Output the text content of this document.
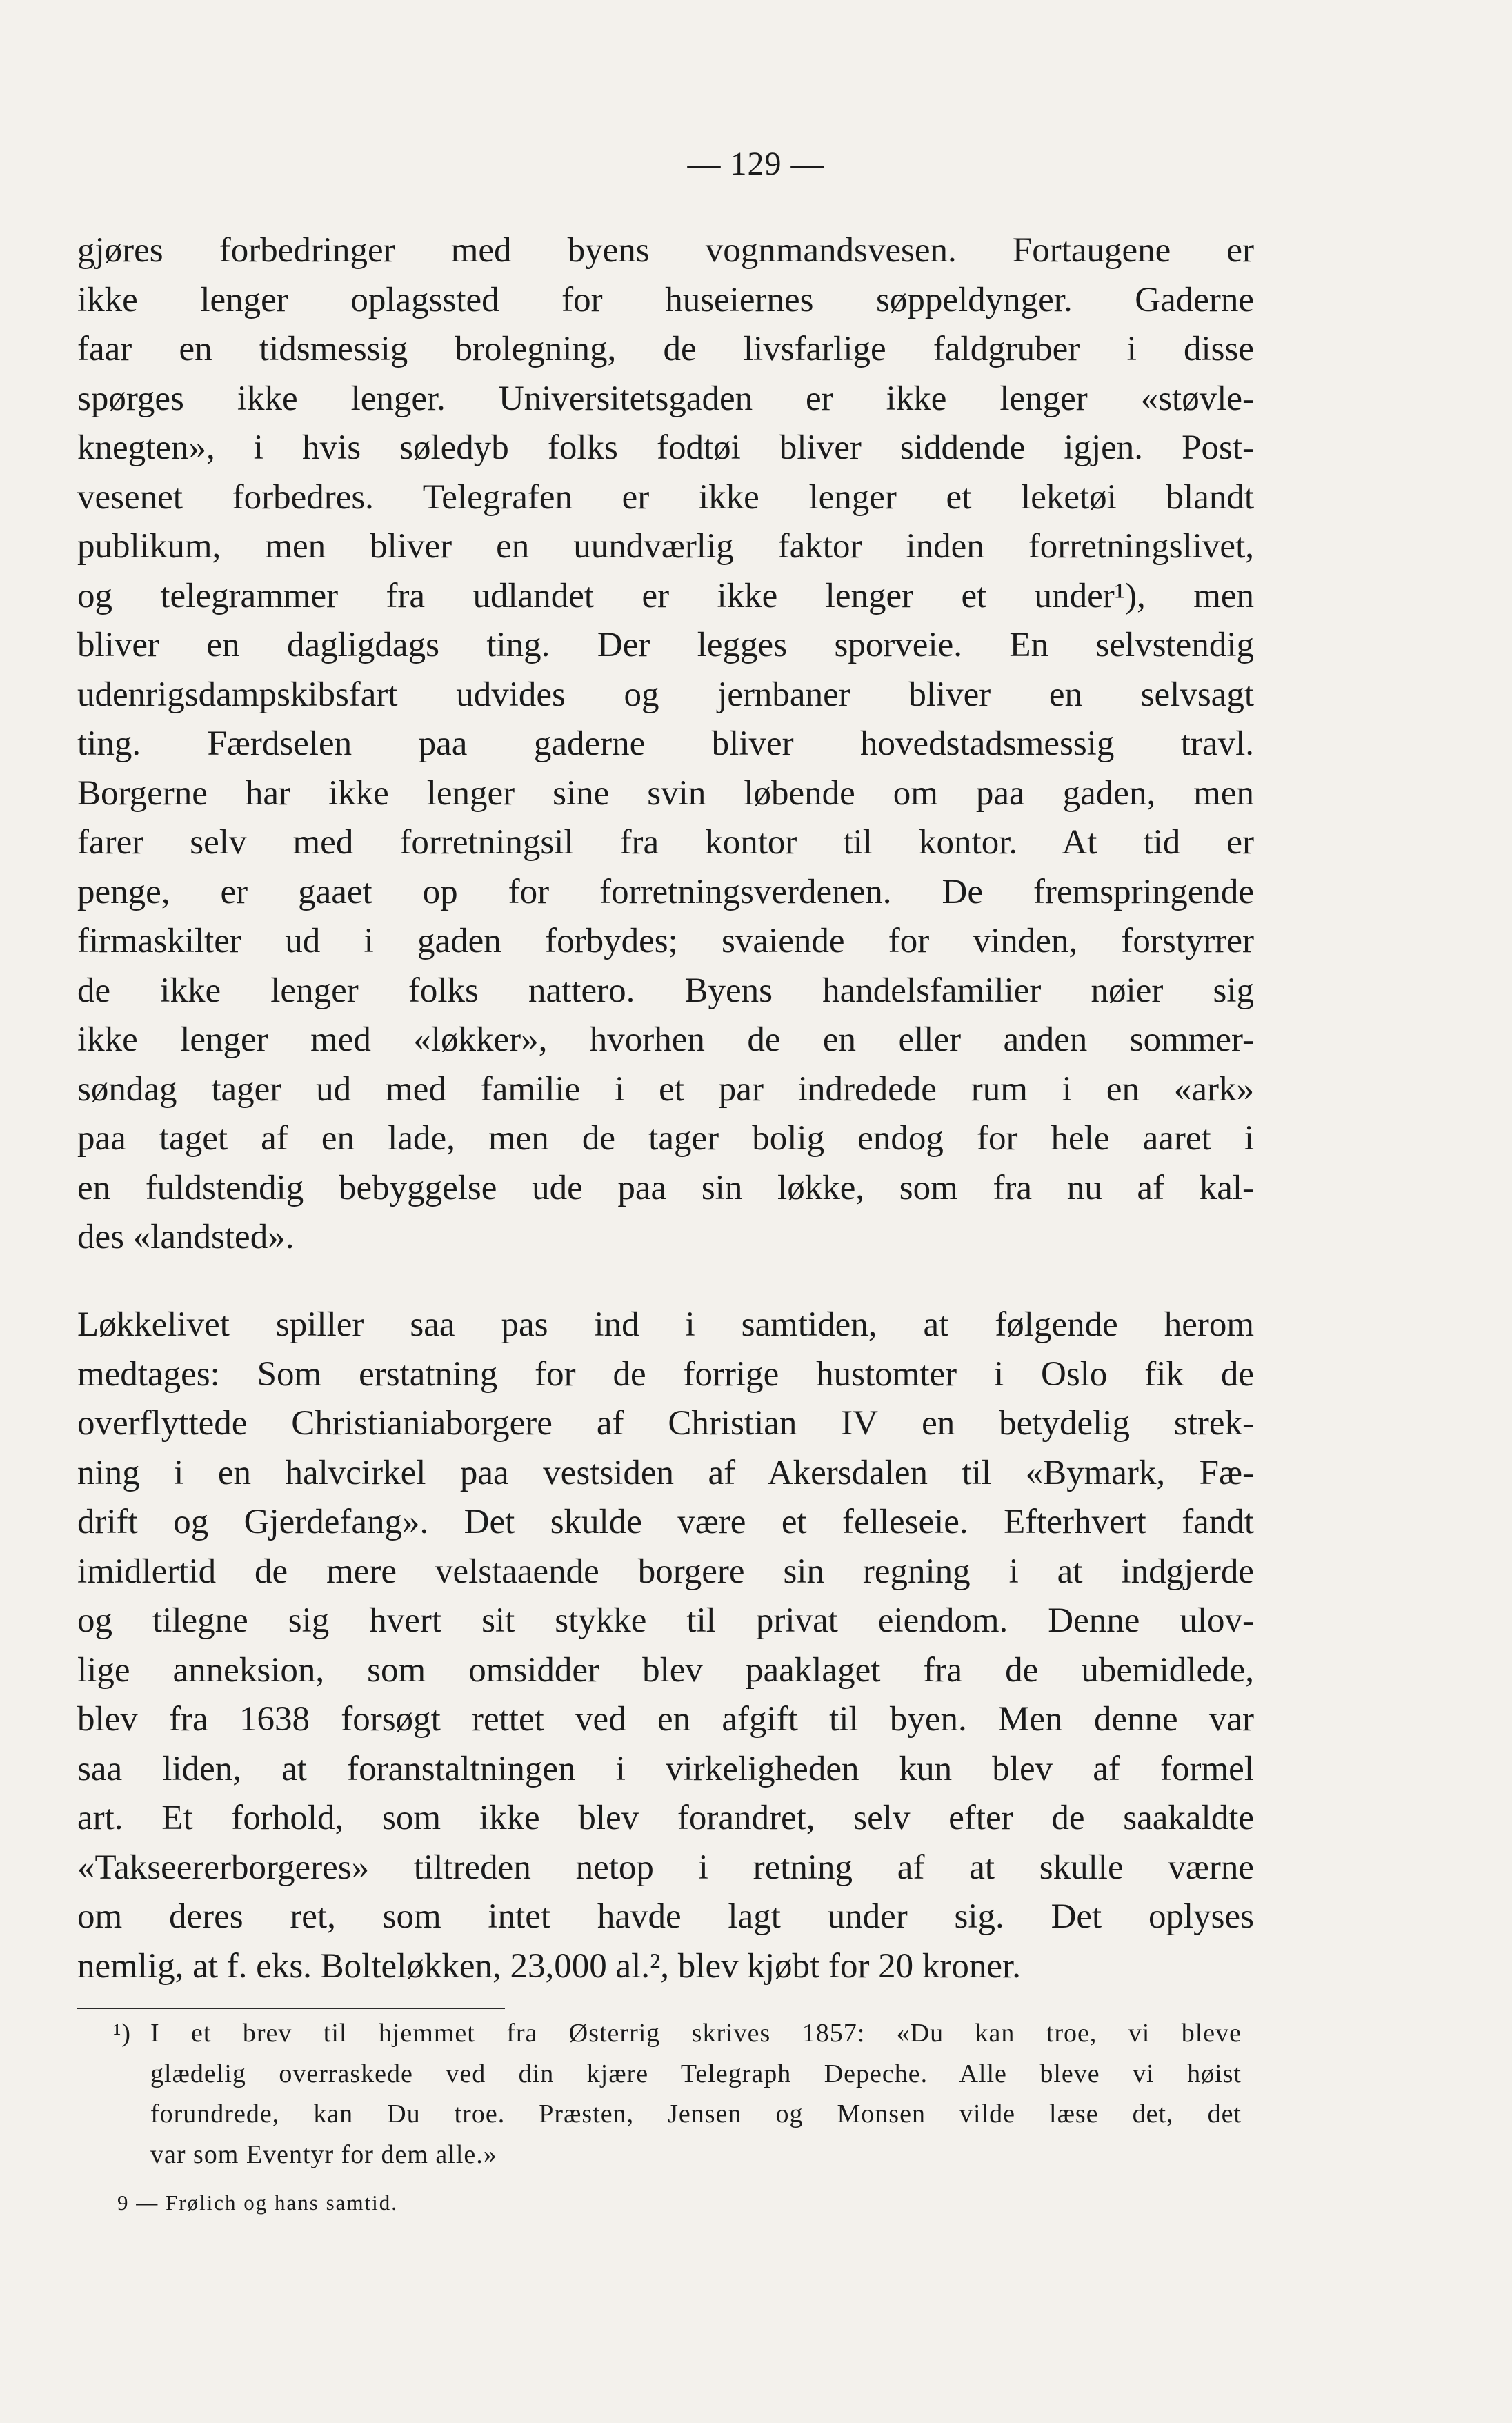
— 129 —
gjøres forbedringer med byens vognmandsvesen. Fortaugene er
ikke lenger oplagssted for huseiernes søppeldynger. Gaderne
faar en tidsmessig brolegning, de livsfarlige faldgruber i disse
spørges ikke lenger. Universitetsgaden er ikke lenger «støvle-
knegten», i hvis søledyb folks fodtøi bliver siddende igjen. Post-
vesenet forbedres. Telegrafen er ikke lenger et leketøi blandt
publikum, men bliver en uundværlig faktor inden forretningslivet,
og telegrammer fra udlandet er ikke lenger et under¹), men
bliver en dagligdags ting. Der legges sporveie. En selvstendig
udenrigsdampskibsfart udvides og jernbaner bliver en selvsagt
ting. Færdselen paa gaderne bliver hovedstadsmessig travl.
Borgerne har ikke lenger sine svin løbende om paa gaden, men
farer selv med forretningsil fra kontor til kontor. At tid er
penge, er gaaet op for forretningsverdenen. De fremspringende
firmaskilter ud i gaden forbydes; svaiende for vinden, forstyrrer
de ikke lenger folks nattero. Byens handelsfamilier nøier sig
ikke lenger med «løkker», hvorhen de en eller anden sommer-
søndag tager ud med familie i et par indredede rum i en «ark»
paa taget af en lade, men de tager bolig endog for hele aaret i
en fuldstendig bebyggelse ude paa sin løkke, som fra nu af kal-
des «landsted».
Løkkelivet spiller saa pas ind i samtiden, at følgende herom
medtages: Som erstatning for de forrige hustomter i Oslo fik de
overflyttede Christianiaborgere af Christian IV en betydelig strek-
ning i en halvcirkel paa vestsiden af Akersdalen til «Bymark, Fæ-
drift og Gjerdefang». Det skulde være et felleseie. Efterhvert fandt
imidlertid de mere velstaaende borgere sin regning i at indgjerde
og tilegne sig hvert sit stykke til privat eiendom. Denne ulov-
lige anneksion, som omsidder blev paaklaget fra de ubemidlede,
blev fra 1638 forsøgt rettet ved en afgift til byen. Men denne var
saa liden, at foranstaltningen i virkeligheden kun blev af formel
art. Et forhold, som ikke blev forandret, selv efter de saakaldte
«Takseererborgeres» tiltreden netop i retning af at skulle værne
om deres ret, som intet havde lagt under sig. Det oplyses
nemlig, at f. eks. Bolteløkken, 23,000 al.², blev kjøbt for 20 kroner.
¹) I et brev til hjemmet fra Østerrig skrives 1857: «Du kan troe, vi bleve
glædelig overraskede ved din kjære Telegraph Depeche. Alle bleve vi høist
forundrede, kan Du troe. Præsten, Jensen og Monsen vilde læse det, det
var som Eventyr for dem alle.»
9 — Frølich og hans samtid.
